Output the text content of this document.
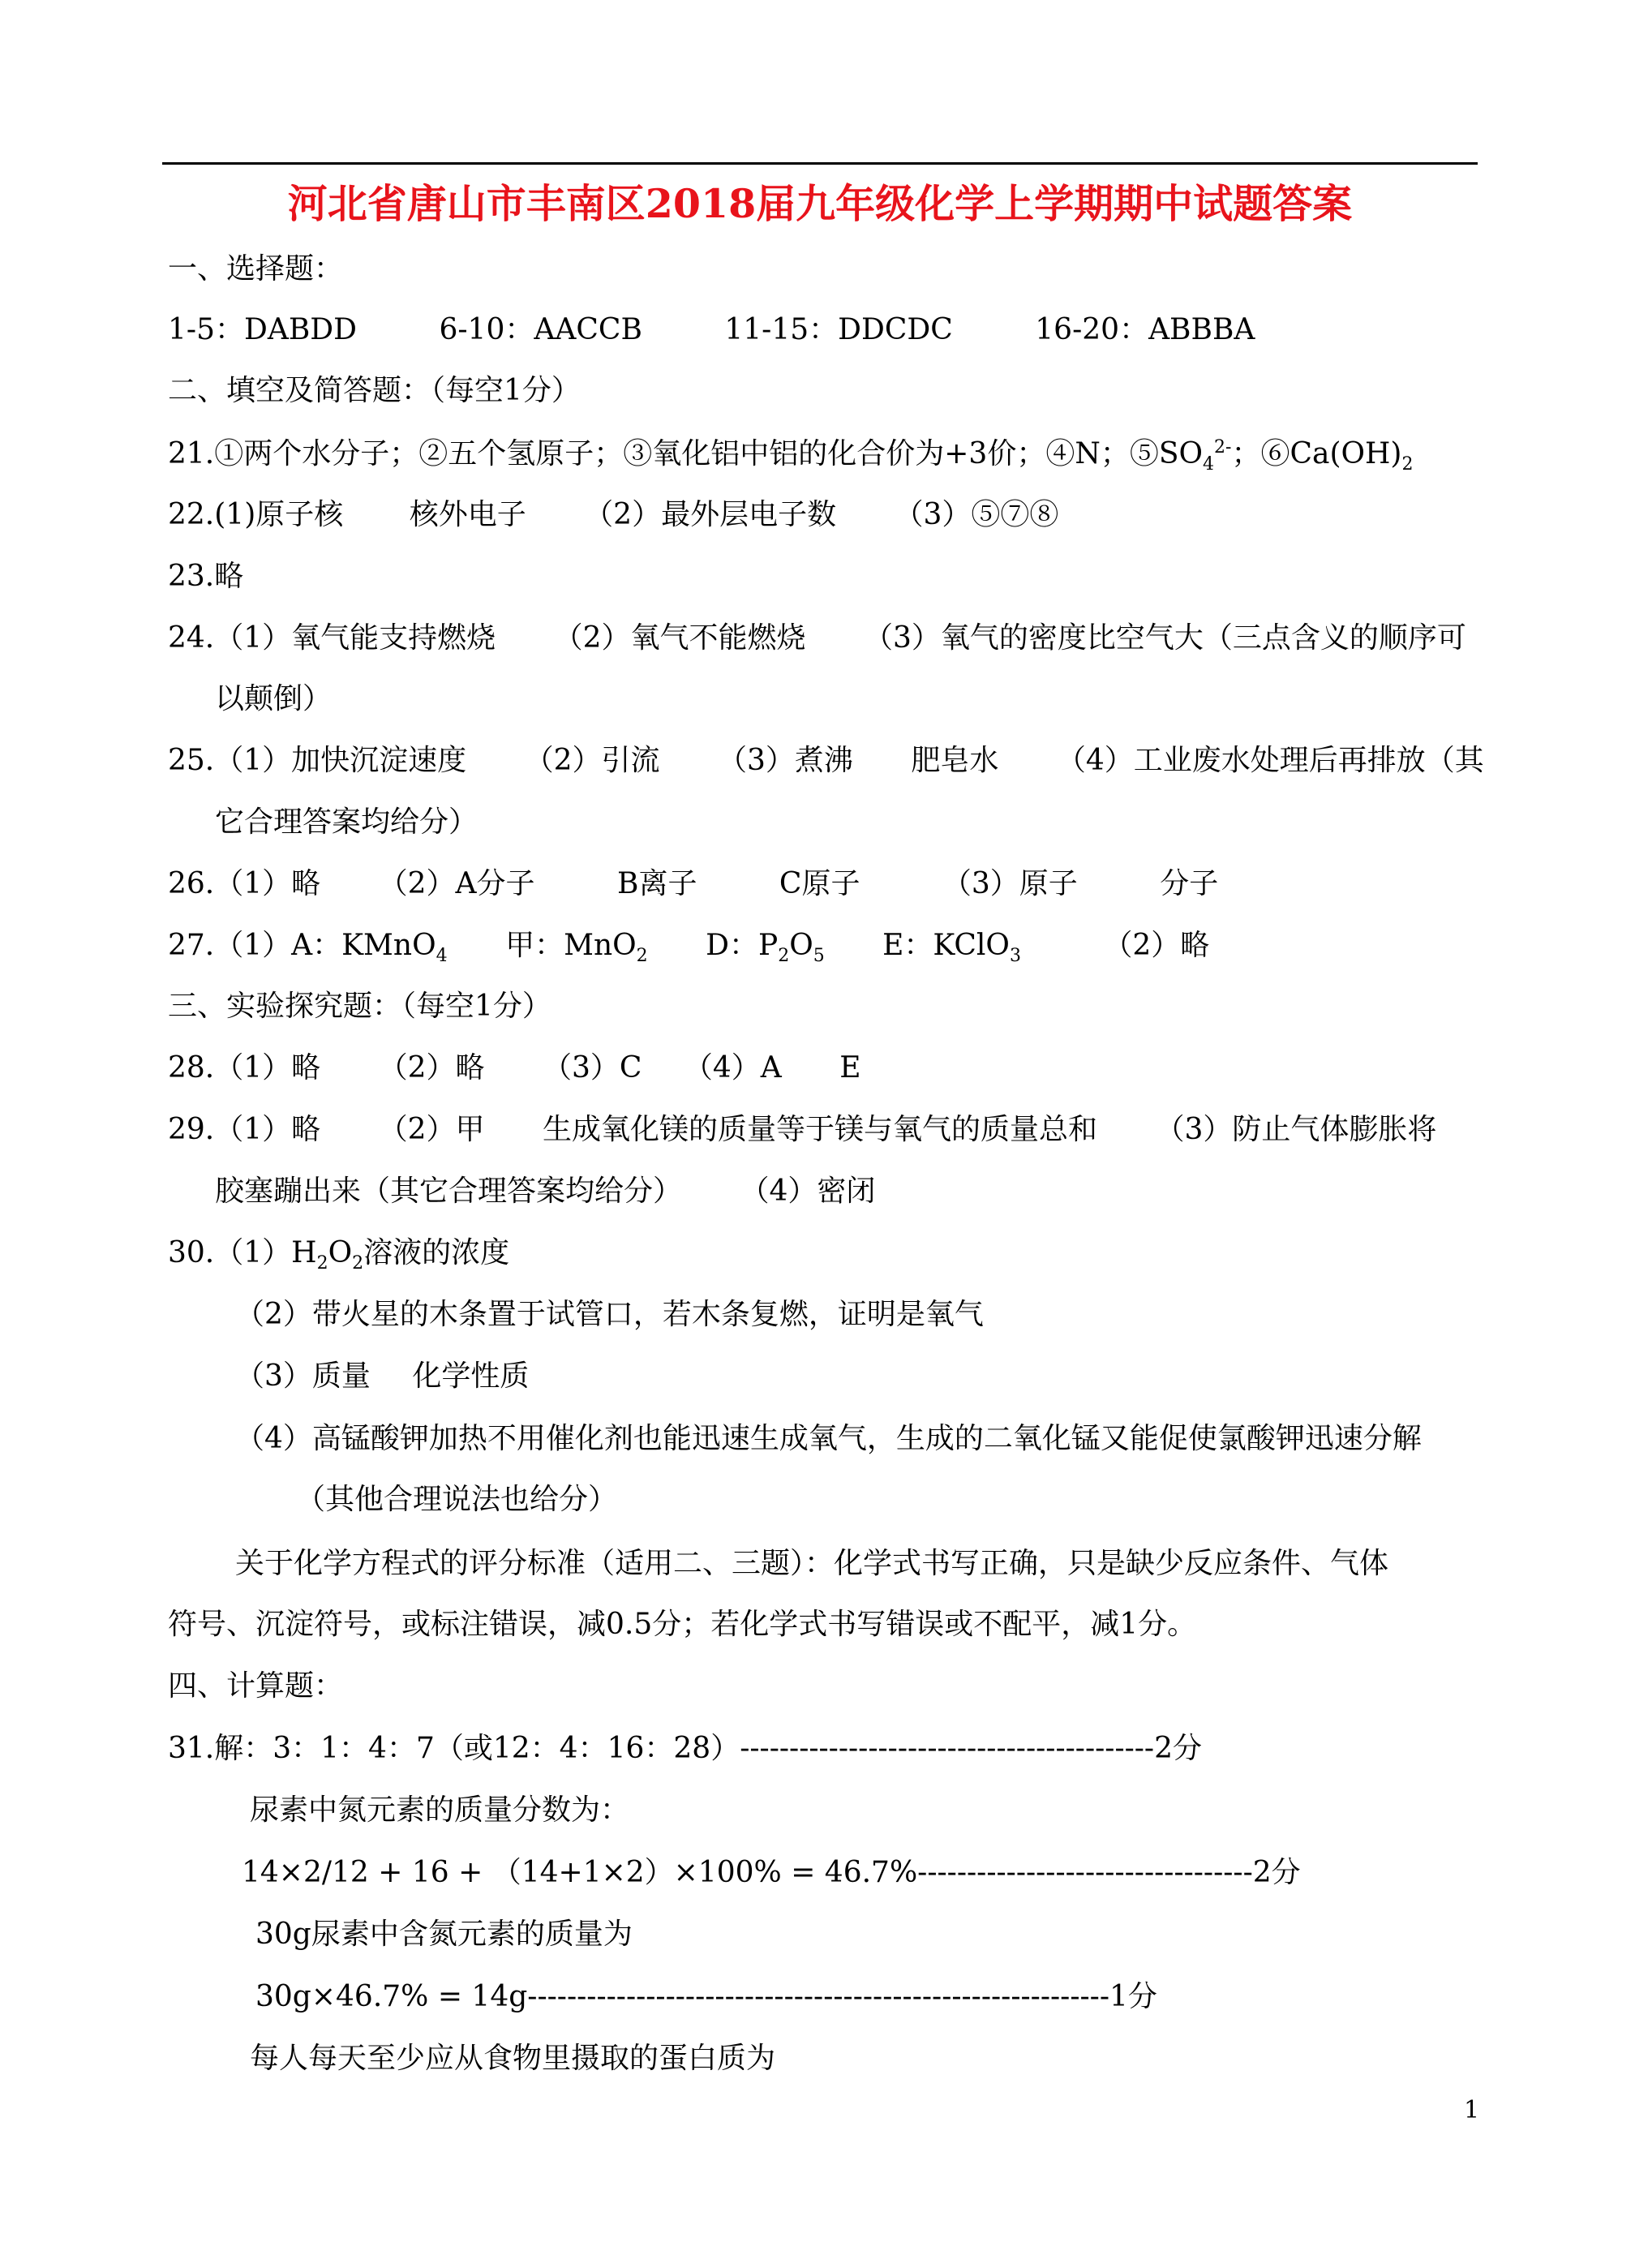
河北省唐山市丰南区2018届九年级化学上学期期中试题答案
一、选择题：
1-5：DABDD	6-10：AACCB	11-15：DDCDC	16-20：ABBBA
二、填空及简答题：（每空1分）
21.①两个水分子；②五个氢原子；③氧化铝中铝的化合价为+3价；④N；$⑤SO_4^{2-}$；$⑥Ca(OH)_2$
22.(1)原子核 核外电子 （2）最外层电子数 （3）⑤⑦⑧
23.略
24.（1）氧气能支持燃烧 （2）氧气不能燃烧 （3）氧气的密度比空气大（三点含义的顺序可
以颠倒）
25.（1）加快沉淀速度 （2）引流 （3）煮沸 肥皂水 （4）工业废水处理后再排放（其
它合理答案均给分）
26.（1）略 （2）A分子	B离子	C原子	（3）原子	分子
27.（1）A：KMnO$_4$ 甲：MnO$_2$ D：$P_2O_5$ E：KClO$_3$	（2）略
三、实验探究题：（每空1分）
28.（1）略 （2）略 （3）C （4）A E
29.（1）略 （2）甲 生成氧化镁的质量等于镁与氧气的质量总和 （3）防止气体膨胀将
胶塞蹦出来（其它合理答案均给分） （4）密闭
$30.(1)H_2O_2$溶液的浓度
（2）带火星的木条置于试管口，若木条复燃，证明是氧气
（3）质量 化学性质
（4）高锰酸钾加热不用催化剂也能迅速生成氧气，生成的二氧化锰又能促使氯酸钾迅速分解
（其他合理说法也给分）
关于化学方程式的评分标准（适用二、三题）：化学式书写正确，只是缺少反应条件、气体
符号、沉淀符号，或标注错误，减0.5分；若化学式书写错误或不配平，减1分。
四、计算题：
31.解：3：1：4：7（或12：4：16：28）------------------------------------------2分
尿素中氮元素的质量分数为：
14×2/12 + 16 + （14+1×2）×100% = 46.7%----------------------------------2分
30g尿素中含氮元素的质量为
30g×46.7% = 14g-----------------------------------------------------------1分
每人每天至少应从食物里摄取的蛋白质为
1
